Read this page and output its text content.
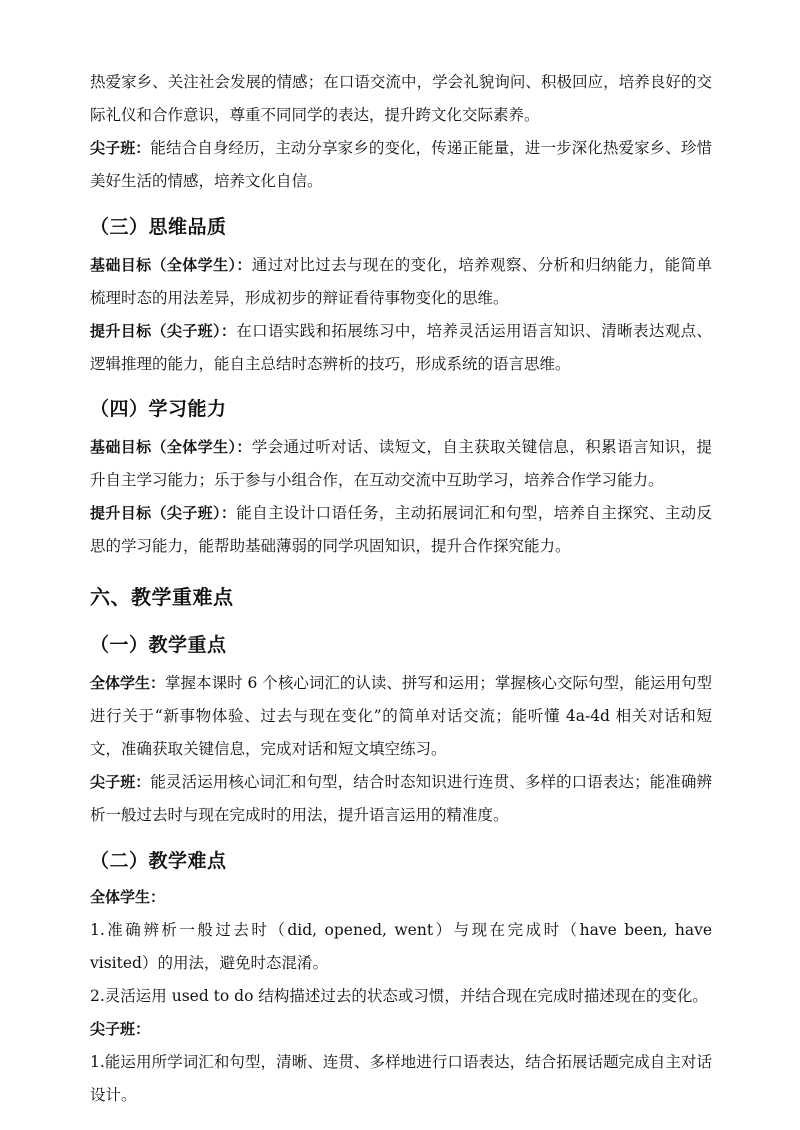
热爱家乡、关注社会发展的情感；在口语交流中，学会礼貌询问、积极回应，培养良好的交际礼仪和合作意识，尊重不同同学的表达，提升跨文化交际素养。

尖子班：能结合自身经历，主动分享家乡的变化，传递正能量，进一步深化热爱家乡、珍惜美好生活的情感，培养文化自信。

（三）思维品质

基础目标（全体学生）：通过对比过去与现在的变化，培养观察、分析和归纳能力，能简单梳理时态的用法差异，形成初步的辩证看待事物变化的思维。

提升目标（尖子班）：在口语实践和拓展练习中，培养灵活运用语言知识、清晰表达观点、逻辑推理的能力，能自主总结时态辨析的技巧，形成系统的语言思维。

（四）学习能力

基础目标（全体学生）：学会通过听对话、读短文，自主获取关键信息，积累语言知识，提升自主学习能力；乐于参与小组合作，在互动交流中互助学习，培养合作学习能力。

提升目标（尖子班）：能自主设计口语任务，主动拓展词汇和句型，培养自主探究、主动反思的学习能力，能帮助基础薄弱的同学巩固知识，提升合作探究能力。

六、教学重难点
（一）教学重点

全体学生：掌握本课时 6 个核心词汇的认读、拼写和运用；掌握核心交际句型，能运用句型进行关于“新事物体验、过去与现在变化”的简单对话交流；能听懂 4a-4d 相关对话和短文，准确获取关键信息，完成对话和短文填空练习。

尖子班：能灵活运用核心词汇和句型，结合时态知识进行连贯、多样的口语表达；能准确辨析一般过去时与现在完成时的用法，提升语言运用的精准度。

（二）教学难点

全体学生：

1.准确辨析一般过去时（did, opened, went）与现在完成时（have been, have visited）的用法，避免时态混淆。

2.灵活运用 used to do 结构描述过去的状态或习惯，并结合现在完成时描述现在的变化。

尖子班：

1.能运用所学词汇和句型，清晰、连贯、多样地进行口语表达，结合拓展话题完成自主对话设计。
